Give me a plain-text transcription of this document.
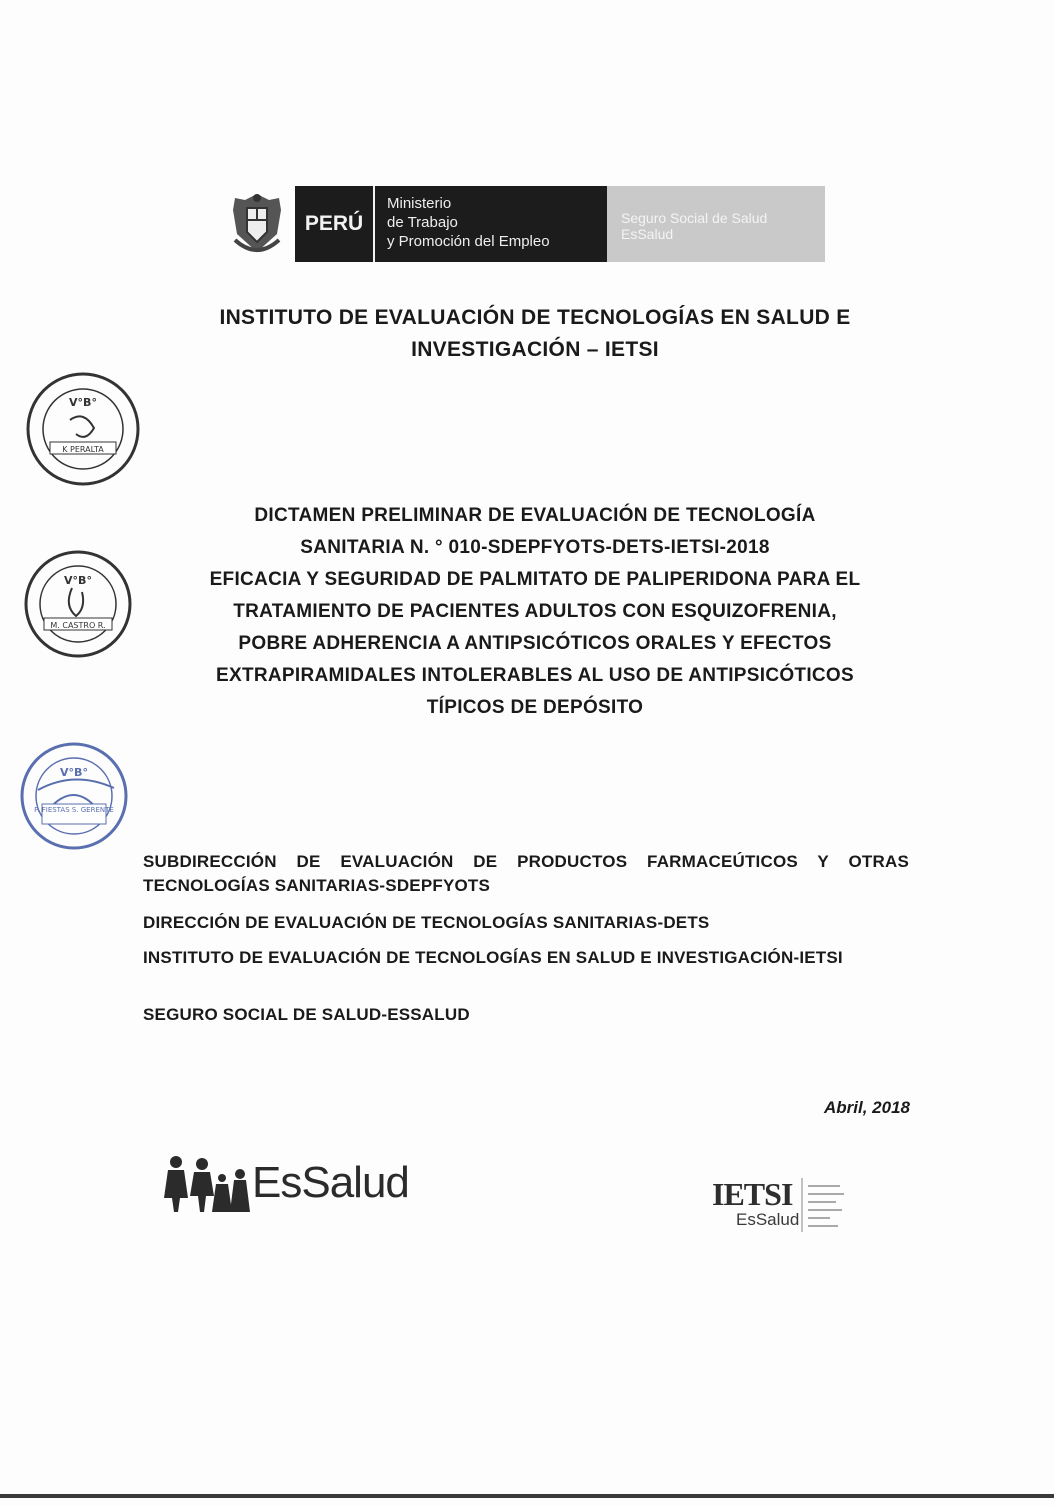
PERÚ
Ministerio
de Trabajo
y Promoción del Empleo
Seguro Social de Salud
EsSalud
INSTITUTO DE EVALUACIÓN DE TECNOLOGÍAS EN SALUD E
INVESTIGACIÓN – IETSI
V°B°
K PERALTA
V°B°
M. CASTRO R.
V°B°
P. FIESTAS S. GERENTE
DICTAMEN PRELIMINAR DE EVALUACIÓN DE TECNOLOGÍA
SANITARIA N. ° 010-SDEPFYOTS-DETS-IETSI-2018
EFICACIA Y SEGURIDAD DE PALMITATO DE PALIPERIDONA PARA EL
TRATAMIENTO DE PACIENTES ADULTOS CON ESQUIZOFRENIA,
POBRE ADHERENCIA A ANTIPSICÓTICOS ORALES Y EFECTOS
EXTRAPIRAMIDALES INTOLERABLES AL USO DE ANTIPSICÓTICOS
TÍPICOS DE DEPÓSITO
SUBDIRECCIÓN DE EVALUACIÓN DE PRODUCTOS FARMACEÚTICOS Y OTRAS TECNOLOGÍAS SANITARIAS-SDEPFYOTS
DIRECCIÓN DE EVALUACIÓN DE TECNOLOGÍAS SANITARIAS-DETS
INSTITUTO DE EVALUACIÓN DE TECNOLOGÍAS EN SALUD E INVESTIGACIÓN-IETSI
SEGURO SOCIAL DE SALUD-ESSALUD
Abril, 2018
EsSalud	IETSI
EsSalud
